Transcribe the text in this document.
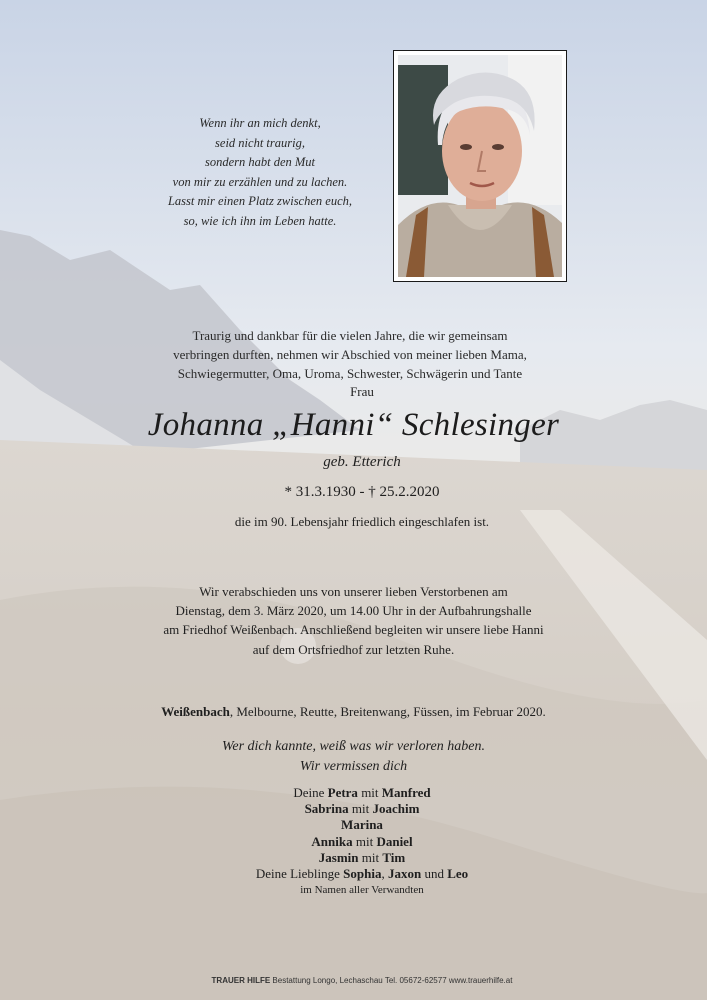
Wenn ihr an mich denkt,
seid nicht traurig,
sondern habt den Mut
von mir zu erzählen und zu lachen.
Lasst mir einen Platz zwischen euch,
so, wie ich ihn im Leben hatte.
Traurig und dankbar für die vielen Jahre, die wir gemeinsam
verbringen durften, nehmen wir Abschied von meiner lieben Mama,
Schwiegermutter, Oma, Uroma, Schwester, Schwägerin und Tante
Frau
Johanna „Hanni“ Schlesinger
geb. Etterich
* 31.3.1930 - † 25.2.2020
die im 90. Lebensjahr friedlich eingeschlafen ist.
Wir verabschieden uns von unserer lieben Verstorbenen am
Dienstag, dem 3. März 2020, um 14.00 Uhr in der Aufbahrungshalle
am Friedhof Weißenbach. Anschließend begleiten wir unsere liebe Hanni
auf dem Ortsfriedhof zur letzten Ruhe.
Weißenbach, Melbourne, Reutte, Breitenwang, Füssen, im Februar 2020.
Wer dich kannte, weiß was wir verloren haben.
Wir vermissen dich
Deine Petra mit Manfred
Sabrina mit Joachim
Marina
Annika mit Daniel
Jasmin mit Tim
Deine Lieblinge Sophia, Jaxon und Leo
im Namen aller Verwandten
TRAUER HILFE Bestattung Longo, Lechaschau Tel. 05672-62577 www.trauerhilfe.at
